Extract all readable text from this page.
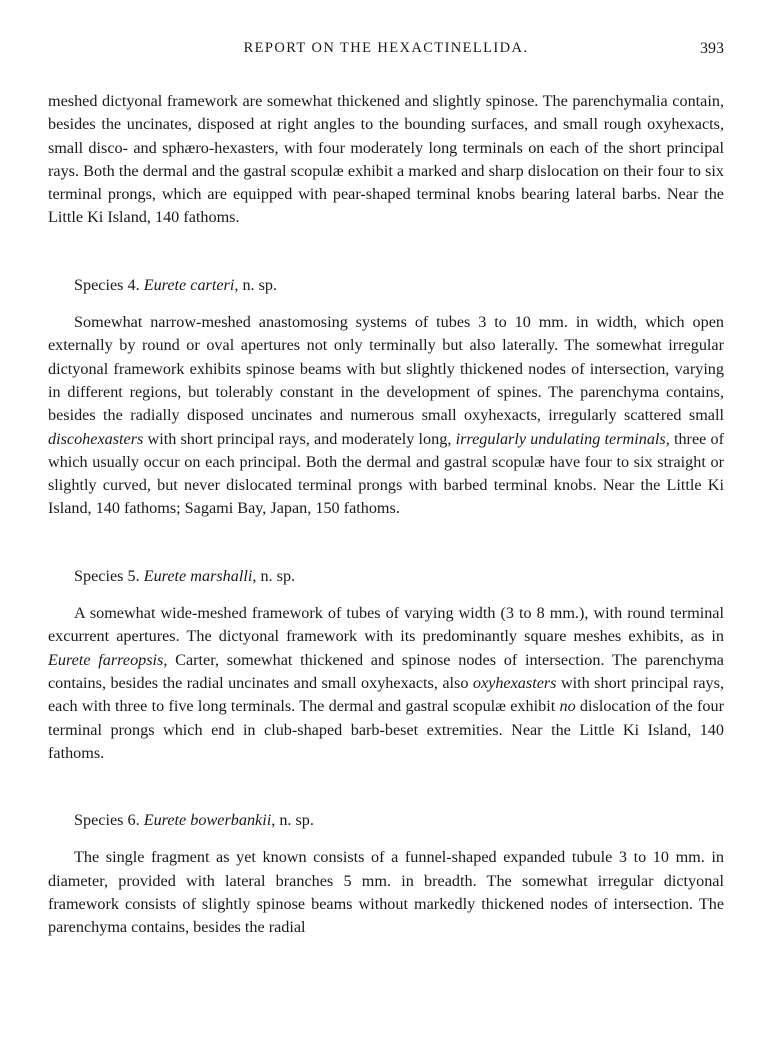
REPORT ON THE HEXACTINELLIDA.	393

meshed dictyonal framework are somewhat thickened and slightly spinose. The parenchymalia contain, besides the uncinates, disposed at right angles to the bounding surfaces, and small rough oxyhexacts, small disco- and sphæro-hexasters, with four moderately long terminals on each of the short principal rays. Both the dermal and the gastral scopulæ exhibit a marked and sharp dislocation on their four to six terminal prongs, which are equipped with pear-shaped terminal knobs bearing lateral barbs. Near the Little Ki Island, 140 fathoms.

Species 4. Eurete carteri, n. sp.

Somewhat narrow-meshed anastomosing systems of tubes 3 to 10 mm. in width, which open externally by round or oval apertures not only terminally but also laterally. The somewhat irregular dictyonal framework exhibits spinose beams with but slightly thickened nodes of intersection, varying in different regions, but tolerably constant in the development of spines. The parenchyma contains, besides the radially disposed uncinates and numerous small oxyhexacts, irregularly scattered small discohexasters with short principal rays, and moderately long, irregularly undulating terminals, three of which usually occur on each principal. Both the dermal and gastral scopulæ have four to six straight or slightly curved, but never dislocated terminal prongs with barbed terminal knobs. Near the Little Ki Island, 140 fathoms; Sagami Bay, Japan, 150 fathoms.

Species 5. Eurete marshalli, n. sp.

A somewhat wide-meshed framework of tubes of varying width (3 to 8 mm.), with round terminal excurrent apertures. The dictyonal framework with its predominantly square meshes exhibits, as in Eurete farreopsis, Carter, somewhat thickened and spinose nodes of intersection. The parenchyma contains, besides the radial uncinates and small oxyhexacts, also oxyhexasters with short principal rays, each with three to five long terminals. The dermal and gastral scopulæ exhibit no dislocation of the four terminal prongs which end in club-shaped barb-beset extremities. Near the Little Ki Island, 140 fathoms.

Species 6. Eurete bowerbankii, n. sp.

The single fragment as yet known consists of a funnel-shaped expanded tubule 3 to 10 mm. in diameter, provided with lateral branches 5 mm. in breadth. The somewhat irregular dictyonal framework consists of slightly spinose beams without markedly thickened nodes of intersection. The parenchyma contains, besides the radial
